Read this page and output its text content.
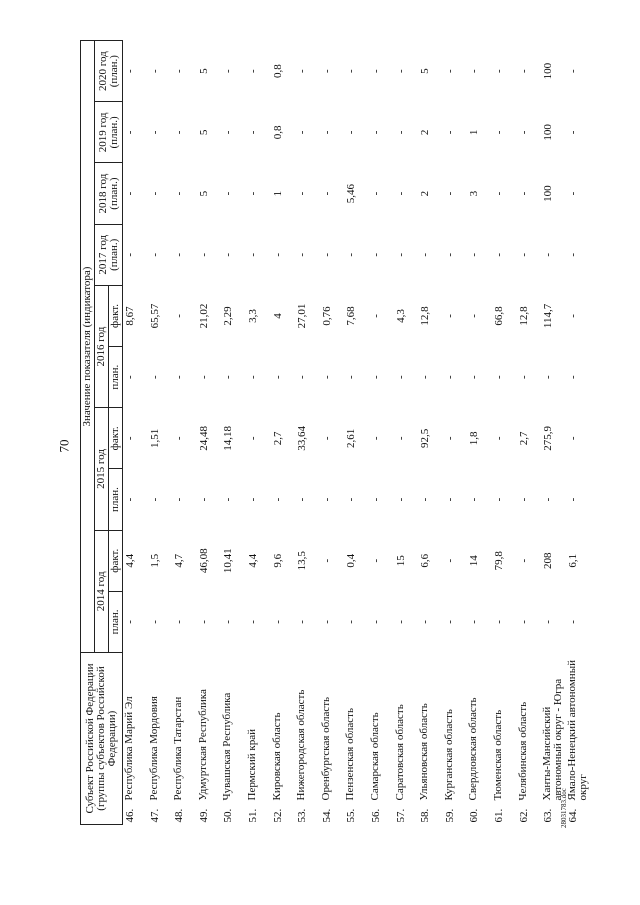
70
Субъект Российской Федерации (группы субъектов Российской Федерации)		Значение показателя (индикатора)									
		2014 год		2015 год		2016 год		2017 год (план.)	2018 год (план.)	2019 год (план.)	2020 год (план.)
		план.	факт.	план.	факт.	план.	факт.				
46.	Республика Марий Эл	-	4,4	-	-	-	8,67	-	-	-	-
47.	Республика Мордовия	-	1,5	-	1,51	-	65,57	-	-	-	-
48.	Республика Татарстан	-	4,7	-	-	-	-	-	-	-	-
49.	Удмуртская Республика	-	46,08	-	24,48	-	21,02	-	5	5	5
50.	Чувашская Республика	-	10,41	-	14,18	-	2,29	-	-	-	-
51.	Пермский край	-	4,4	-	-	-	3,3	-	-	-	-
52.	Кировская область	-	9,6	-	2,7	-	4	-	1	0,8	0,8
53.	Нижегородская область	-	13,5	-	33,64	-	27,01	-	-	-	-
54.	Оренбургская область	-	-	-	-	-	0,76	-	-	-	-
55.	Пензенская область	-	0,4	-	2,61	-	7,68	-	5,46	-	-
56.	Самарская область	-	-	-	-	-	-	-	-	-	-
57.	Саратовская область	-	15	-	-	-	4,3	-	-	-	-
58.	Ульяновская область	-	6,6	-	92,5	-	12,8	-	2	2	5
59.	Курганская область	-	-	-	-	-	-	-	-	-	-
60.	Свердловская область	-	14	-	1,8	-	-	-	3	1	-
61.	Тюменская область	-	79,8	-	-	-	66,8	-	-	-	-
62.	Челябинская область	-	-	-	2,7	-	12,8	-	-	-	-
63.	Ханты-Мансийский автономный округ - Югра	-	208	-	275,9	-	114,7	-	100	100	100
64.	Ямало-Ненецкий автономный округ	-	6,1	-	-	-	-	-	-	-	-
28031783.doc
